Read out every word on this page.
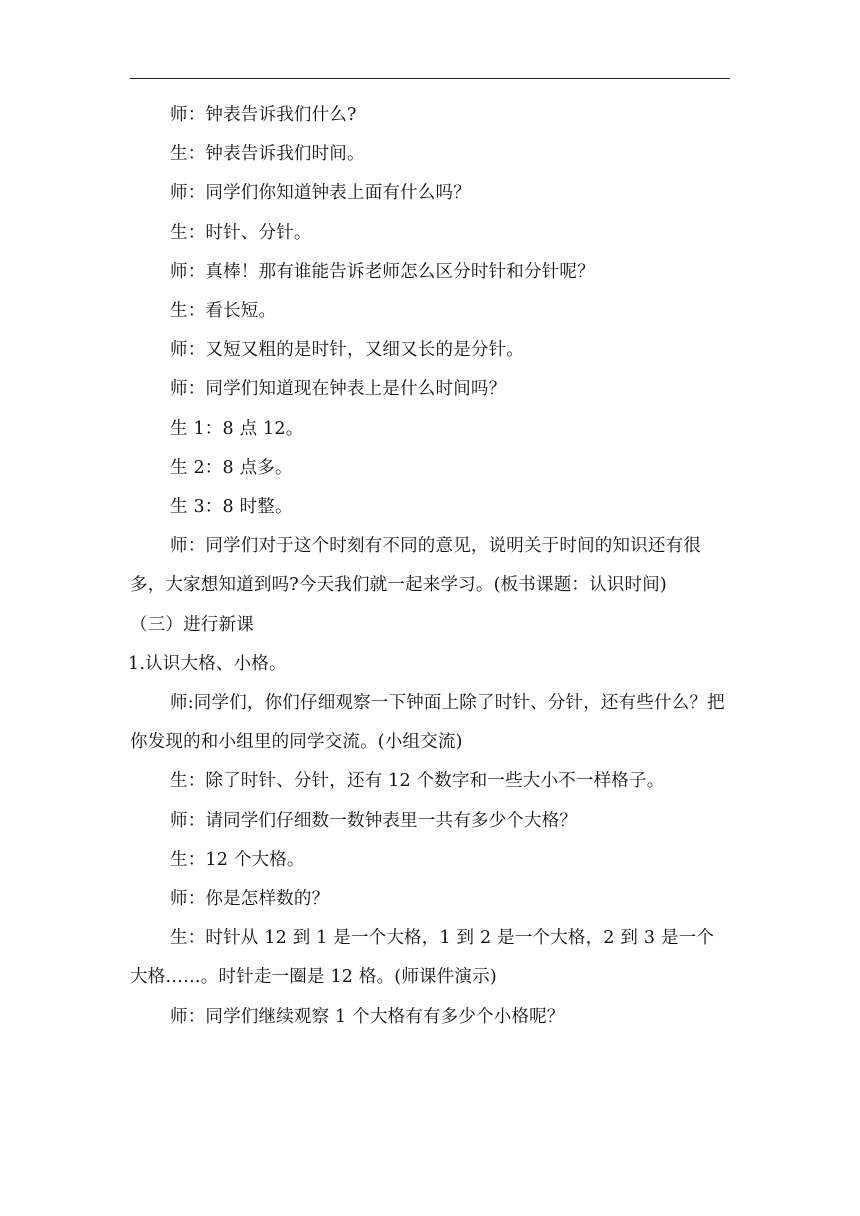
师：钟表告诉我们什么?

生：钟表告诉我们时间。

师：同学们你知道钟表上面有什么吗？

生：时针、分针。

师：真棒！那有谁能告诉老师怎么区分时针和分针呢？

生：看长短。

师：又短又粗的是时针，又细又长的是分针。

师：同学们知道现在钟表上是什么时间吗？

生 1：8 点 12。

生 2：8 点多。

生 3：8 时整。

师：同学们对于这个时刻有不同的意见，说明关于时间的知识还有很多，大家想知道到吗?今天我们就一起来学习。(板书课题：认识时间)

（三）进行新课

1.认识大格、小格。

师:同学们，你们仔细观察一下钟面上除了时针、分针，还有些什么？把你发现的和小组里的同学交流。(小组交流)

生：除了时针、分针，还有 12 个数字和一些大小不一样格子。

师：请同学们仔细数一数钟表里一共有多少个大格？

生：12 个大格。

师：你是怎样数的？

生：时针从 12 到 1 是一个大格，1 到 2 是一个大格，2 到 3 是一个大格……。时针走一圈是 12 格。(师课件演示)

师：同学们继续观察 1 个大格有有多少个小格呢？
